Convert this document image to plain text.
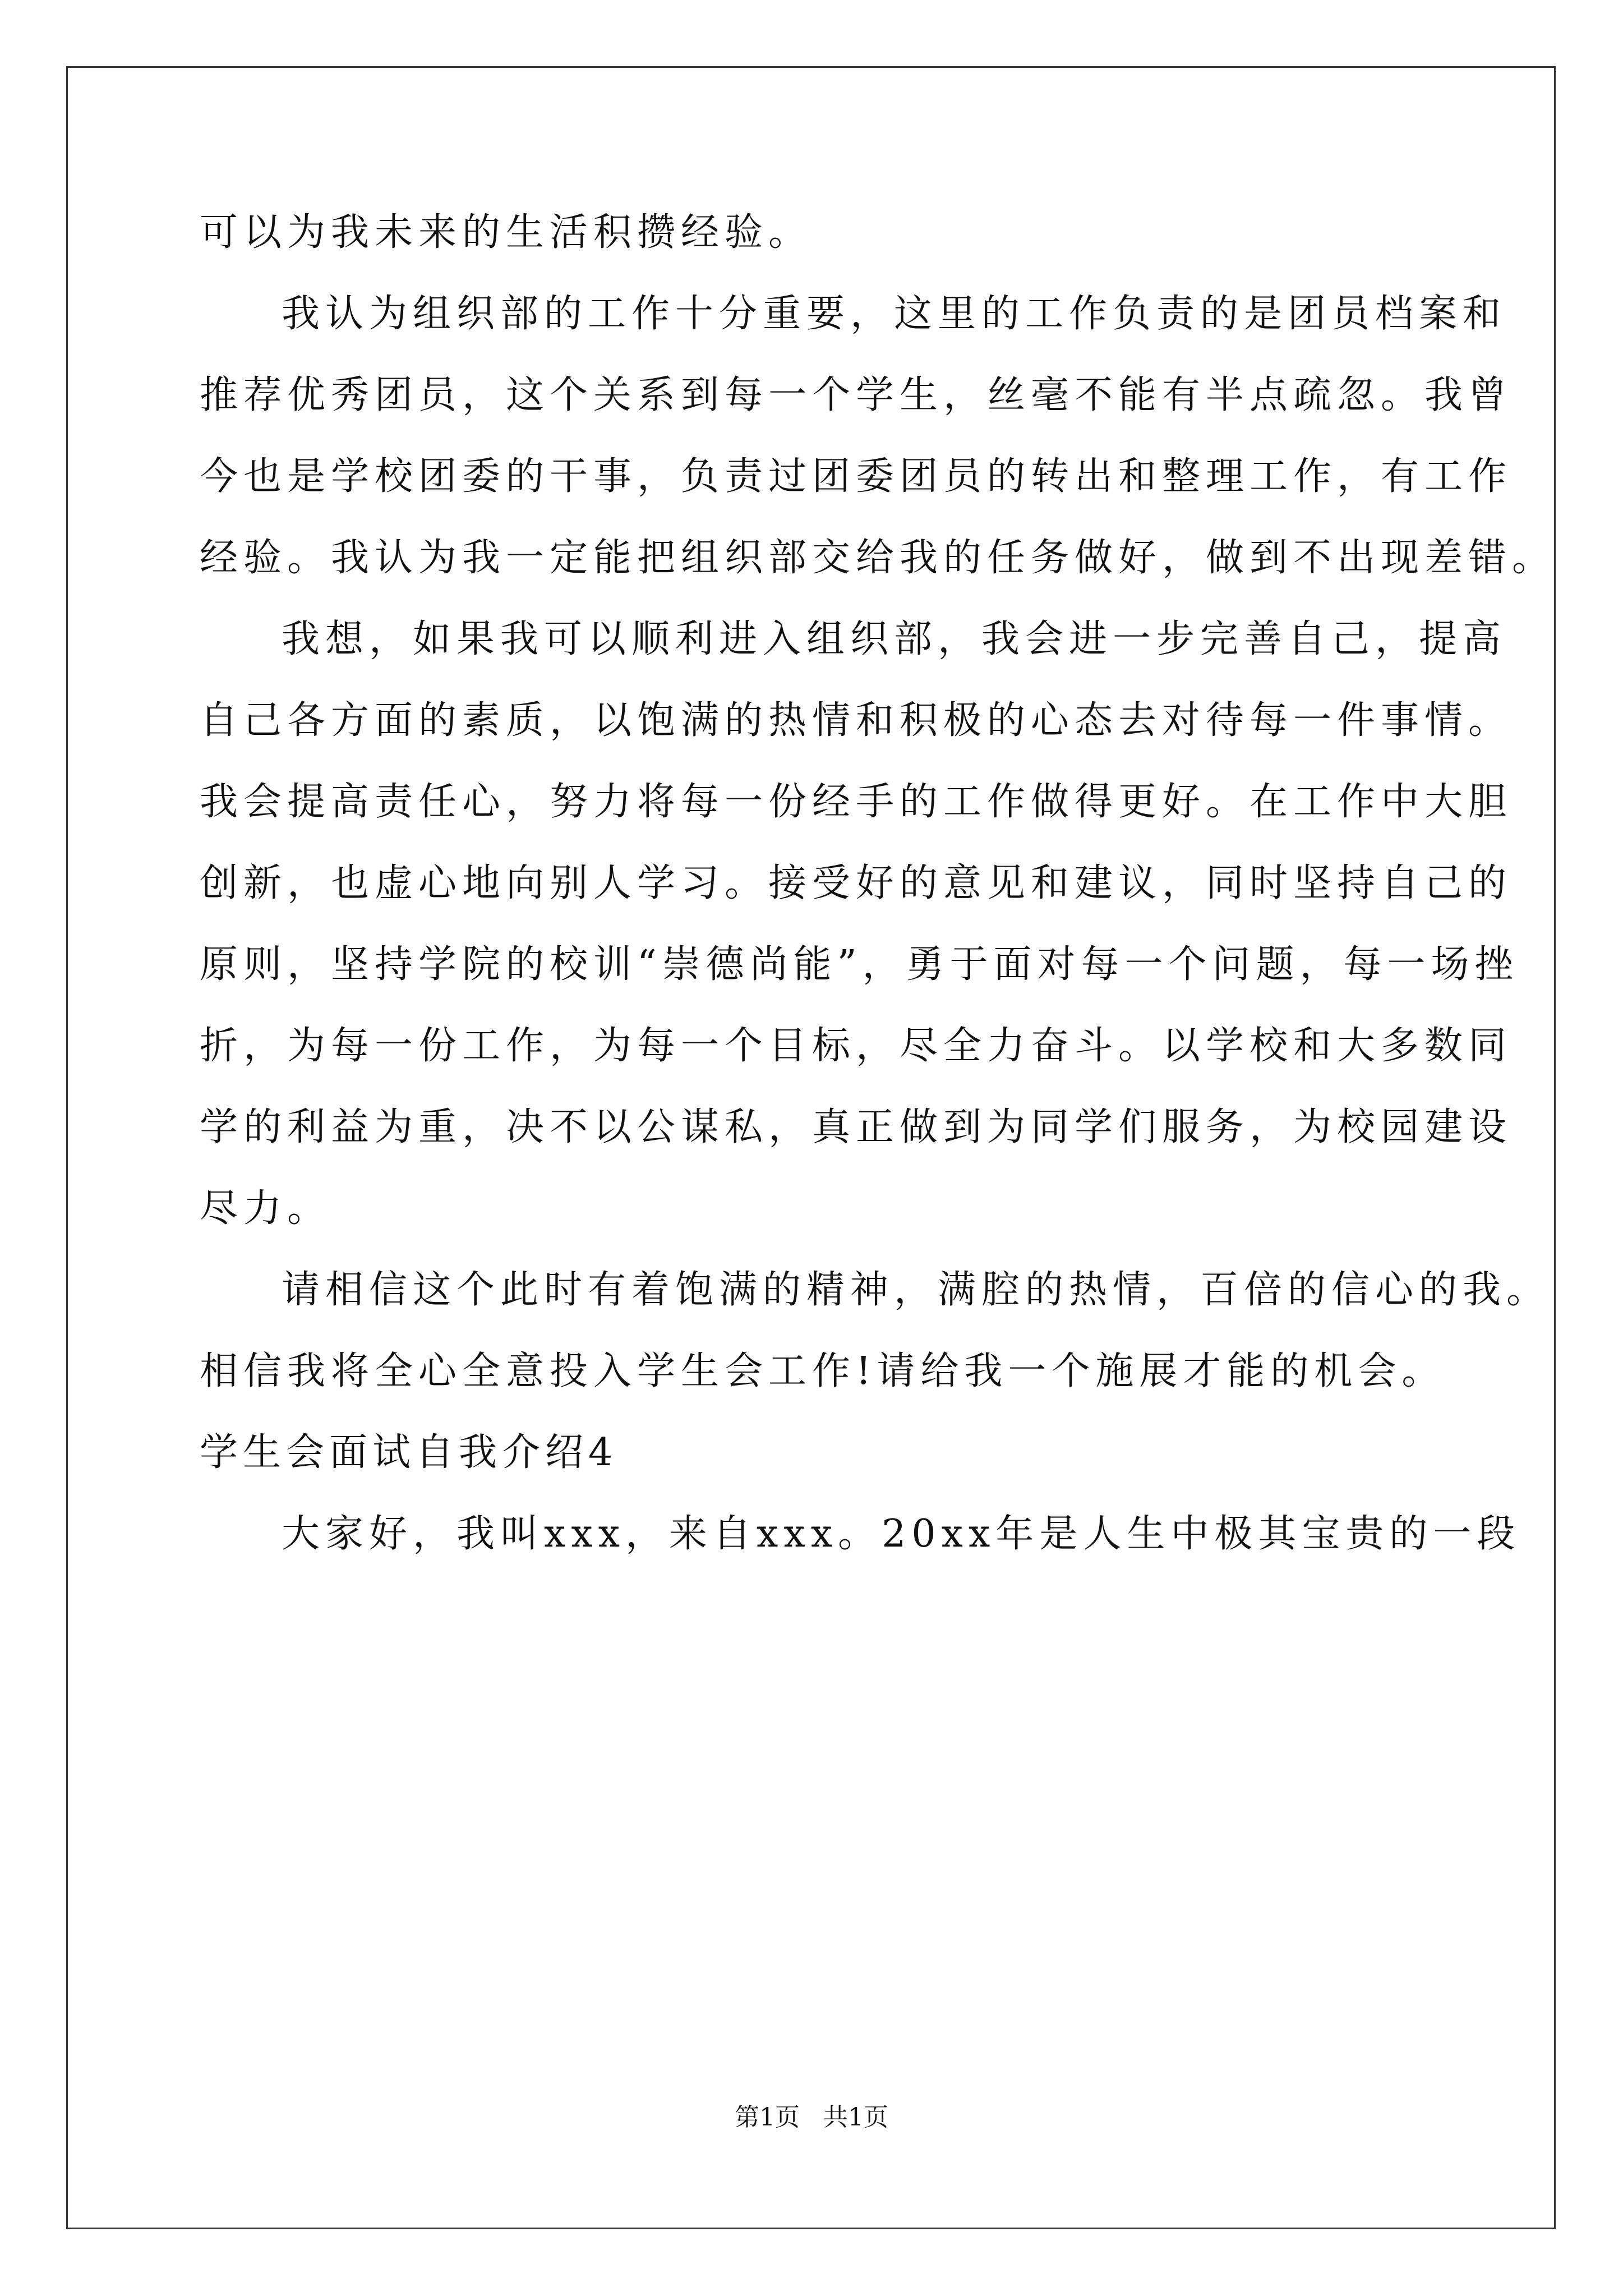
可以为我未来的生活积攒经验。
我认为组织部的工作十分重要，这里的工作负责的是团员档案和
推荐优秀团员，这个关系到每一个学生，丝毫不能有半点疏忽。我曾
今也是学校团委的干事，负责过团委团员的转出和整理工作，有工作
经验。我认为我一定能把组织部交给我的任务做好，做到不出现差错。
我想，如果我可以顺利进入组织部，我会进一步完善自己，提高
自己各方面的素质，以饱满的热情和积极的心态去对待每一件事情。
我会提高责任心，努力将每一份经手的工作做得更好。在工作中大胆
创新，也虚心地向别人学习。接受好的意见和建议，同时坚持自己的
原则，坚持学院的校训“崇德尚能”，勇于面对每一个问题，每一场挫
折，为每一份工作，为每一个目标，尽全力奋斗。以学校和大多数同
学的利益为重，决不以公谋私，真正做到为同学们服务，为校园建设
尽力。
请相信这个此时有着饱满的精神，满腔的热情，百倍的信心的我。
相信我将全心全意投入学生会工作!请给我一个施展才能的机会。
学生会面试自我介绍4
大家好，我叫xxx，来自xxx。20xx年是人生中极其宝贵的一段
第1页   共1页
